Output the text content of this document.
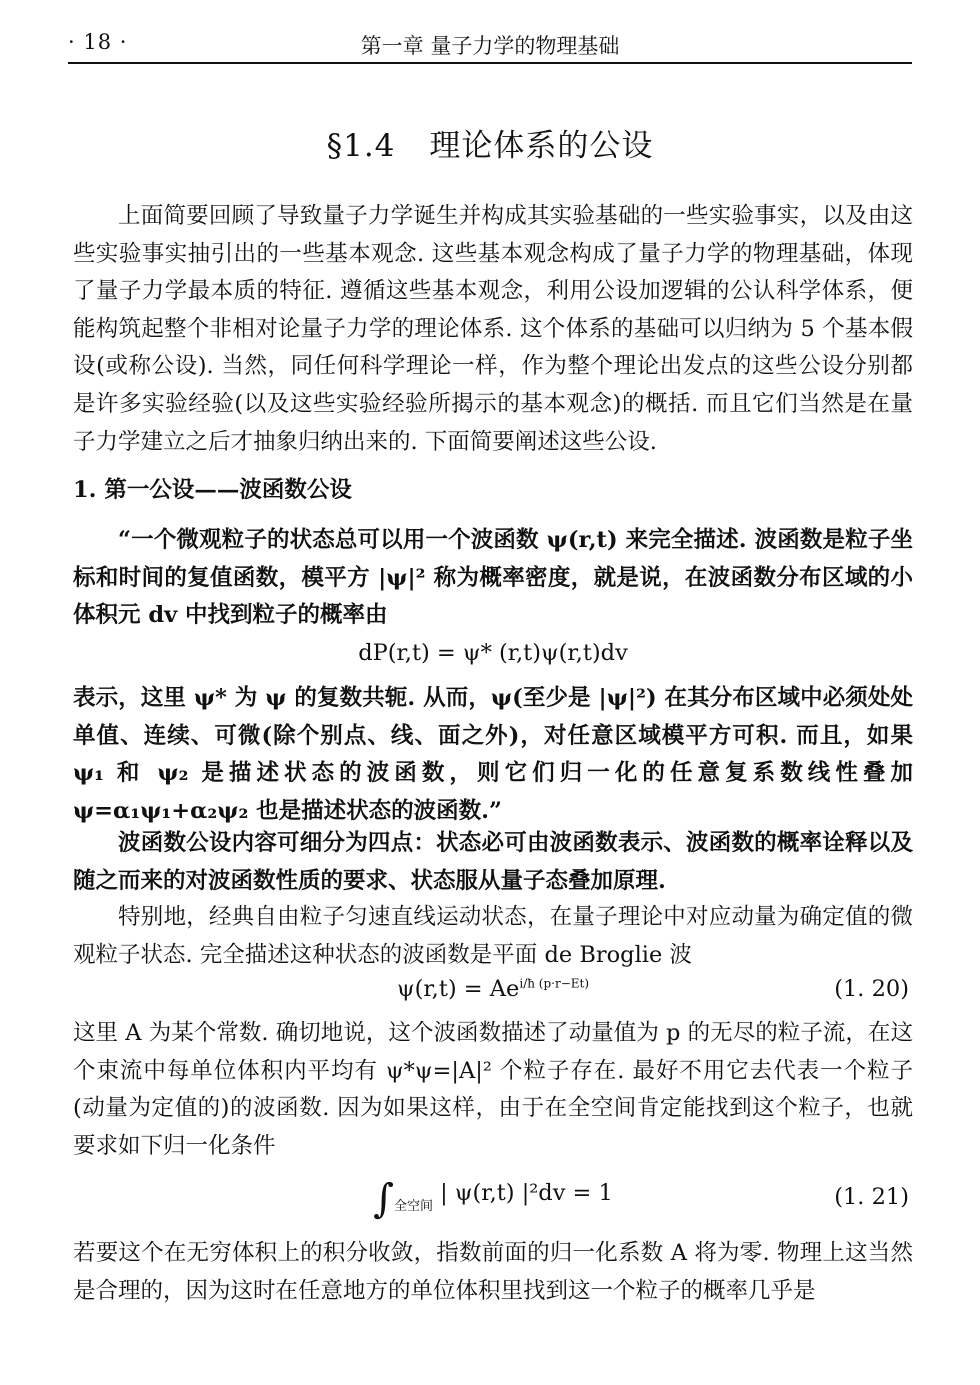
· 18 ·	第一章 量子力学的物理基础
§1.4 理论体系的公设
上面简要回顾了导致量子力学诞生并构成其实验基础的一些实验事实，以及由这些实验事实抽引出的一些基本观念. 这些基本观念构成了量子力学的物理基础，体现了量子力学最本质的特征. 遵循这些基本观念，利用公设加逻辑的公认科学体系，便能构筑起整个非相对论量子力学的理论体系. 这个体系的基础可以归纳为 5 个基本假设(或称公设). 当然，同任何科学理论一样，作为整个理论出发点的这些公设分别都是许多实验经验(以及这些实验经验所揭示的基本观念)的概括. 而且它们当然是在量子力学建立之后才抽象归纳出来的. 下面简要阐述这些公设.
1. 第一公设——波函数公设
“一个微观粒子的状态总可以用一个波函数 ψ(r,t) 来完全描述. 波函数是粒子坐标和时间的复值函数，模平方 |ψ|² 称为概率密度，就是说，在波函数分布区域的小体积元 dv 中找到粒子的概率由
dP(r,t) = ψ* (r,t)ψ(r,t)dv
表示，这里 ψ* 为 ψ 的复数共轭. 从而，ψ(至少是 |ψ|²) 在其分布区域中必须处处单值、连续、可微(除个别点、线、面之外)，对任意区域模平方可积. 而且，如果 ψ₁ 和 ψ₂ 是描述状态的波函数，则它们归一化的任意复系数线性叠加 ψ=α₁ψ₁+α₂ψ₂ 也是描述状态的波函数.”
波函数公设内容可细分为四点：状态必可由波函数表示、波函数的概率诠释以及随之而来的对波函数性质的要求、状态服从量子态叠加原理.
特别地，经典自由粒子匀速直线运动状态，在量子理论中对应动量为确定值的微观粒子状态. 完全描述这种状态的波函数是平面 de Broglie 波
$\psi(r,t) = Ae^{i/ħ (p\cdot r-Et)}$	(1. 20)
这里 A 为某个常数. 确切地说，这个波函数描述了动量值为 p 的无尽的粒子流，在这个束流中每单位体积内平均有 ψ*ψ=|A|² 个粒子存在. 最好不用它去代表一个粒子(动量为定值的)的波函数. 因为如果这样，由于在全空间肯定能找到这个粒子，也就要求如下归一化条件
$\int_{全空间}$ | ψ(r,t) |²dv = 1	(1. 21)
若要这个在无穷体积上的积分收敛，指数前面的归一化系数 A 将为零. 物理上这当然是合理的，因为这时在任意地方的单位体积里找到这一个粒子的概率几乎是
